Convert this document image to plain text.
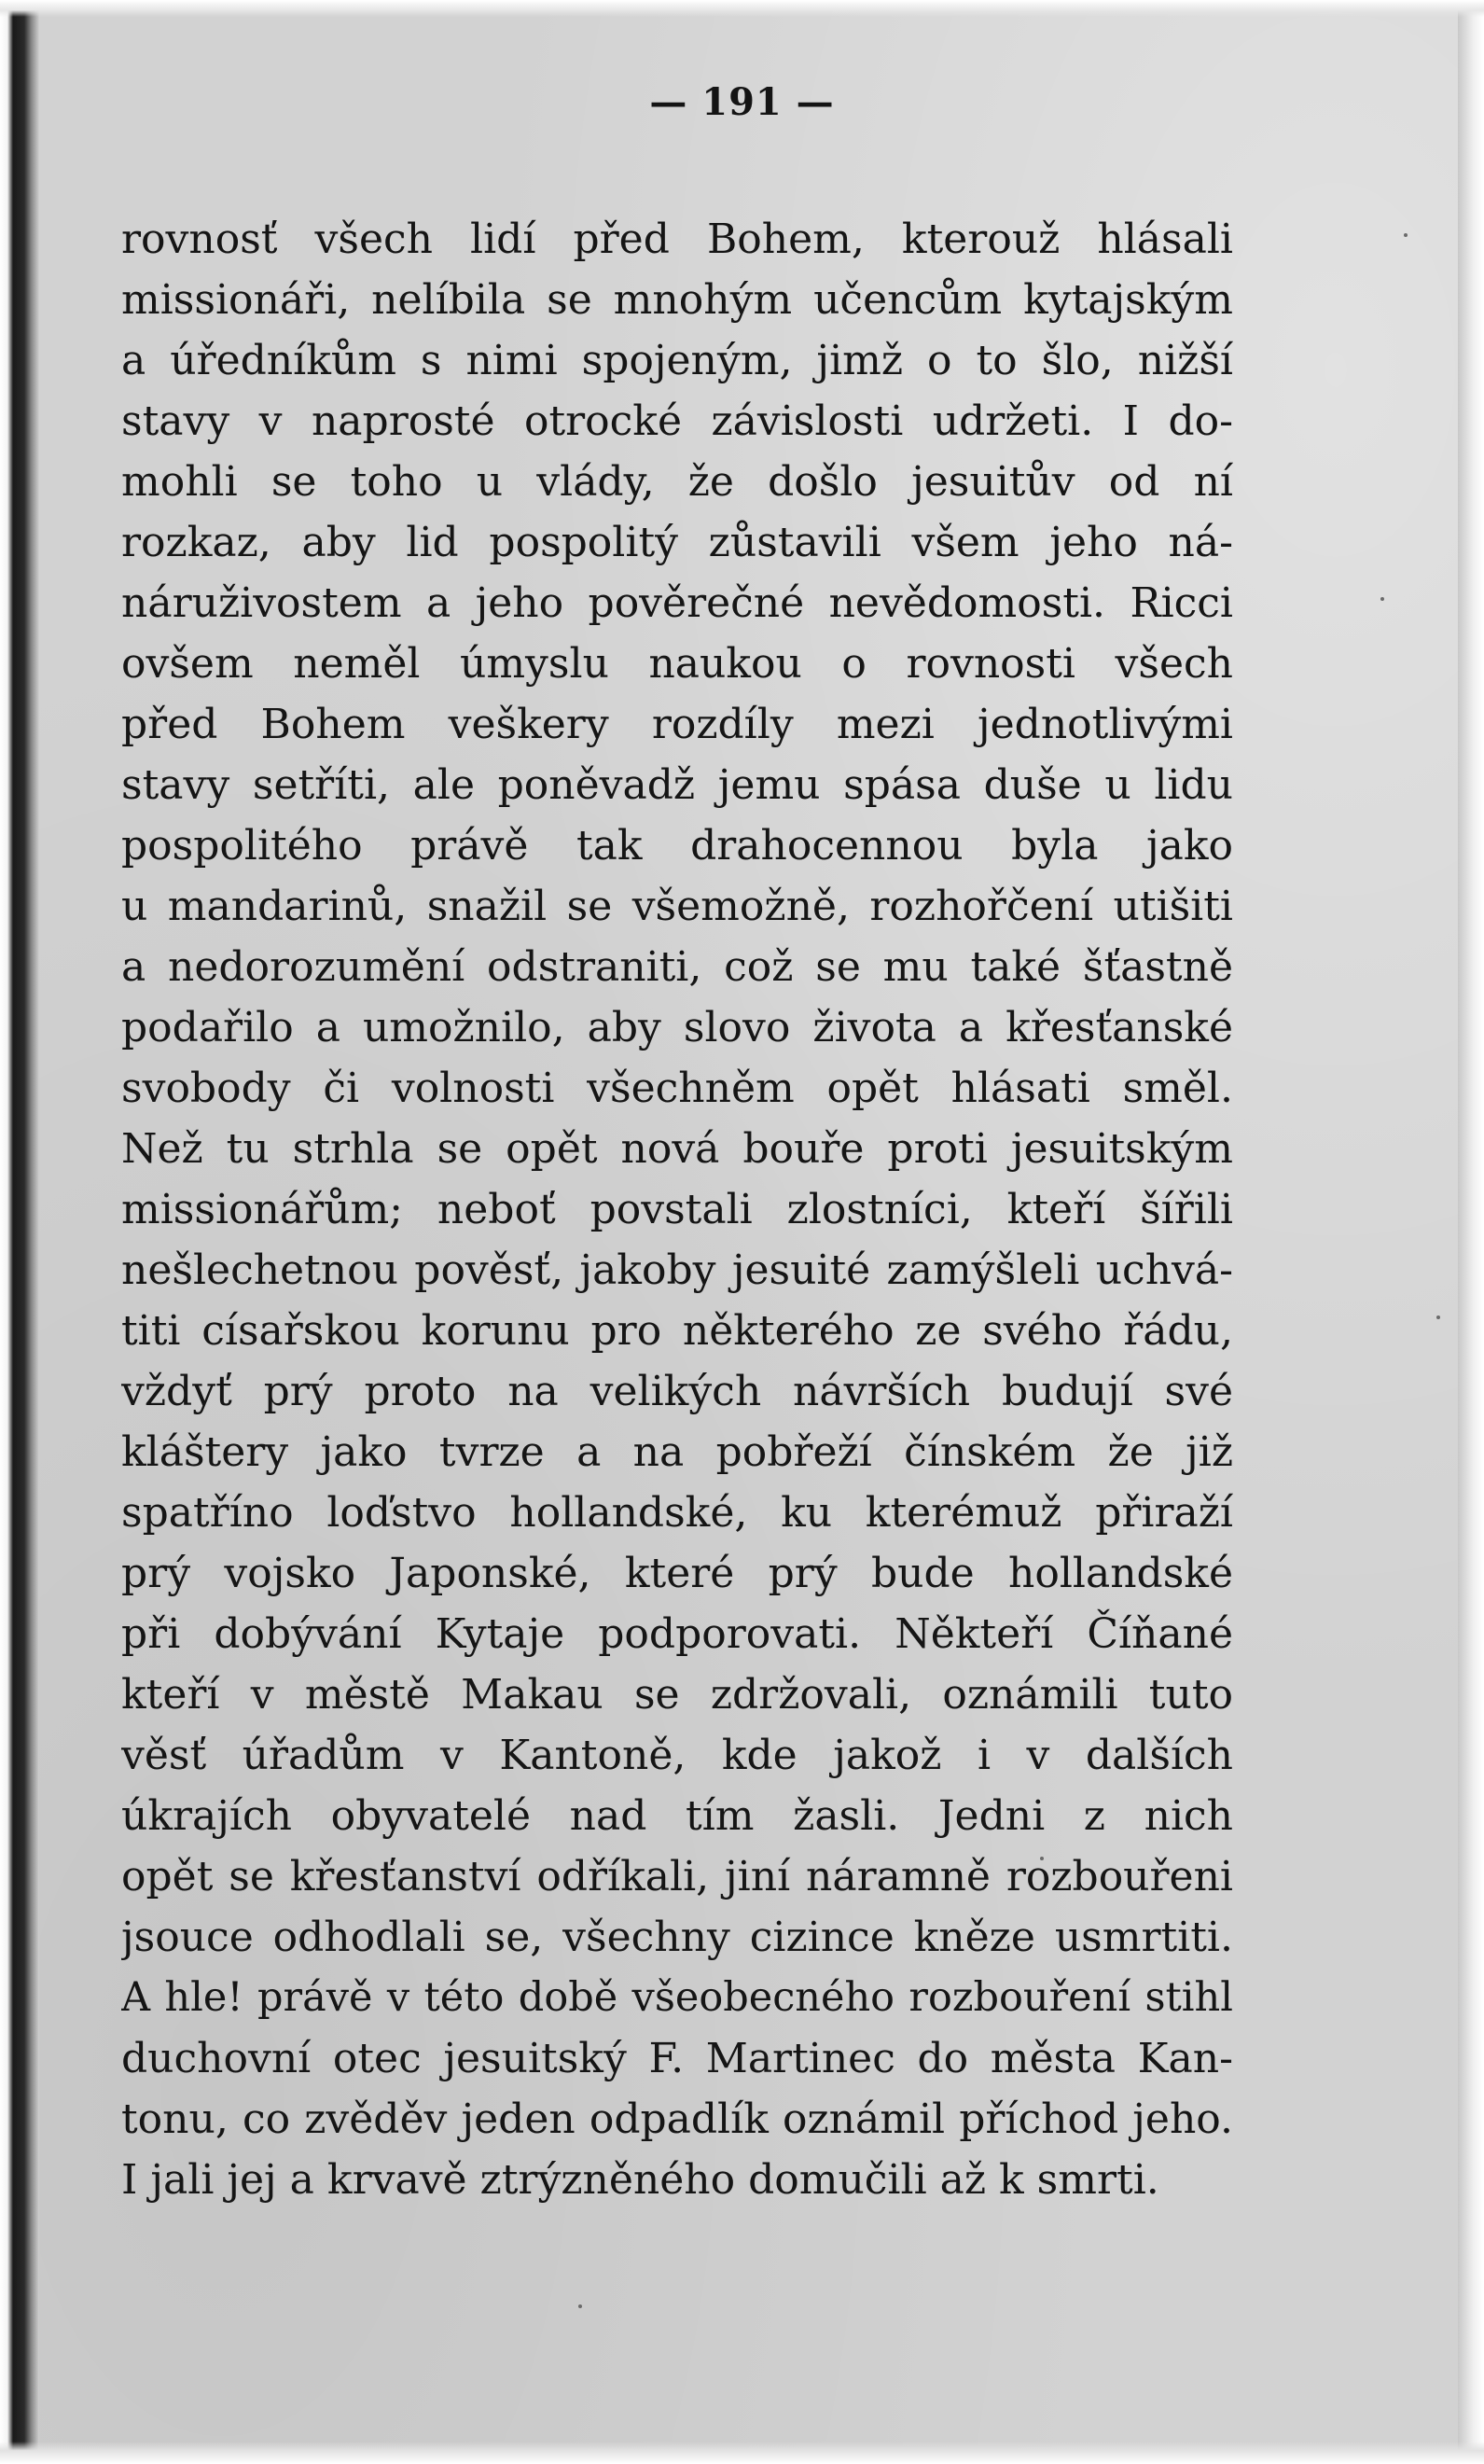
— 191 —
rovnosť všech lidí před Bohem, kterouž hlásali
missionáři, nelíbila se mnohým učencům kytajským
a úředníkům s nimi spojeným, jimž o to šlo, nižší
stavy v naprosté otrocké závislosti udržeti. I do-
mohli se toho u vlády, že došlo jesuitův od ní
rozkaz, aby lid pospolitý zůstavili všem jeho ná-
náruživostem a jeho pověrečné nevědomosti. Ricci
ovšem neměl úmyslu naukou o rovnosti všech
před Bohem veškery rozdíly mezi jednotlivými
stavy setříti, ale poněvadž jemu spása duše u lidu
pospolitého právě tak drahocennou byla jako
u mandarinů, snažil se všemožně, rozhořčení utišiti
a nedorozumění odstraniti, což se mu také šťastně
podařilo a umožnilo, aby slovo života a křesťanské
svobody či volnosti všechněm opět hlásati směl.
Než tu strhla se opět nová bouře proti jesuitským
missionářům; neboť povstali zlostníci, kteří šířili
nešlechetnou pověsť, jakoby jesuité zamýšleli uchvá-
titi císařskou korunu pro některého ze svého řádu,
vždyť prý proto na velikých návrších budují své
kláštery jako tvrze a na pobřeží čínském že již
spatříno loďstvo hollandské, ku kterémuž přiraží
prý vojsko Japonské, které prý bude hollandské
při dobývání Kytaje podporovati. Někteří Číňané
kteří v městě Makau se zdržovali, oznámili tuto
věsť úřadům v Kantoně, kde jakož i v dalších
úkrajích obyvatelé nad tím žasli. Jedni z nich
opět se křesťanství odříkali, jiní náramně rozbouřeni
jsouce odhodlali se, všechny cizince kněze usmrtiti.
A hle! právě v této době všeobecného rozbouření stihl
duchovní otec jesuitský F. Martinec do města Kan-
tonu, co zvěděv jeden odpadlík oznámil příchod jeho.
I jali jej a krvavě ztrýzněného domučili až k smrti.
